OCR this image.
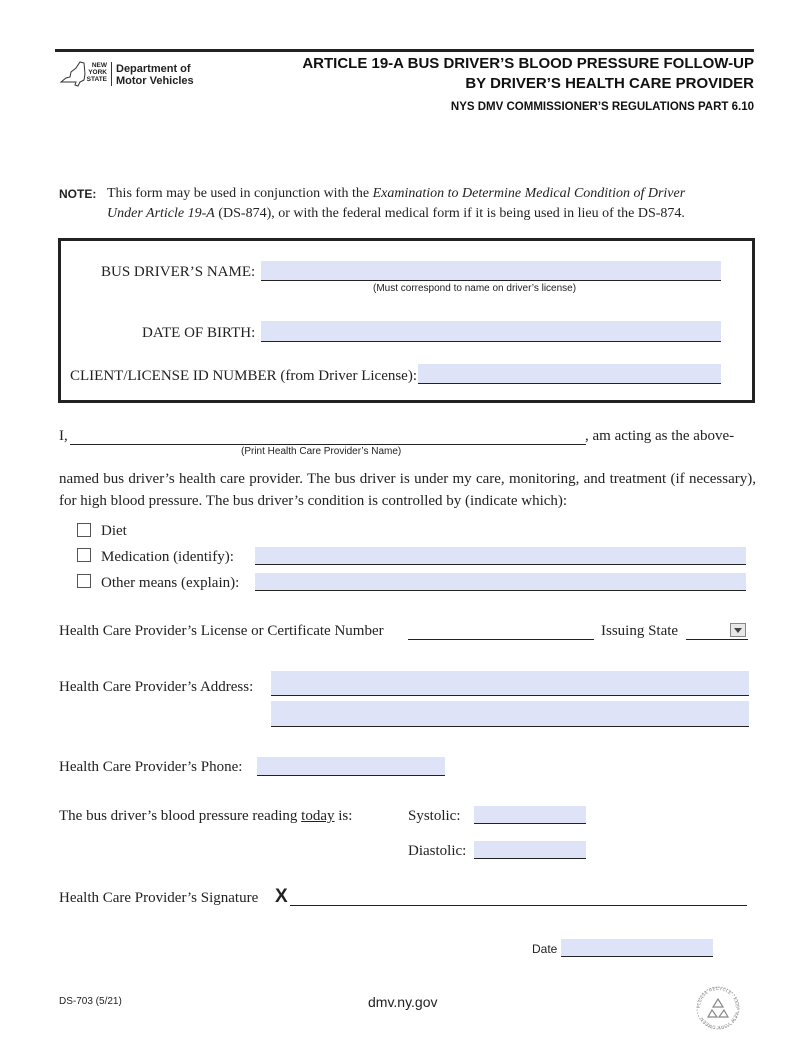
NEW
YORK
STATE
Department of
Motor Vehicles
ARTICLE 19-A BUS DRIVER’S BLOOD PRESSURE FOLLOW-UP
BY DRIVER’S HEALTH CARE PROVIDER
NYS DMV COMMISSIONER’S REGULATIONS PART 6.10
NOTE: This form may be used in conjunction with the Examination to Determine Medical Condition of Driver
Under Article 19-A (DS-874), or with the federal medical form if it is being used in lieu of the DS-874.
BUS DRIVER’S NAME:
(Must correspond to name on driver’s license)
DATE OF BIRTH:
CLIENT/LICENSE ID NUMBER (from Driver License):
I,	, am acting as the above-
(Print Health Care Provider’s Name)
named bus driver’s health care provider. The bus driver is under my care, monitoring, and treatment (if necessary), for high blood pressure. The bus driver’s condition is controlled by (indicate which):
Diet
Medication (identify):
Other means (explain):
Health Care Provider’s License or Certificate Number	Issuing State
Health Care Provider’s Address:
Health Care Provider’s Phone:
The bus driver’s blood pressure reading today is:	Systolic:
Diastolic:
Health Care Provider’s Signature X
Date
DS-703 (5/21)	dmv.ny.gov	PLEASE RECYCLE · KEEP NEW YORK GREEN
